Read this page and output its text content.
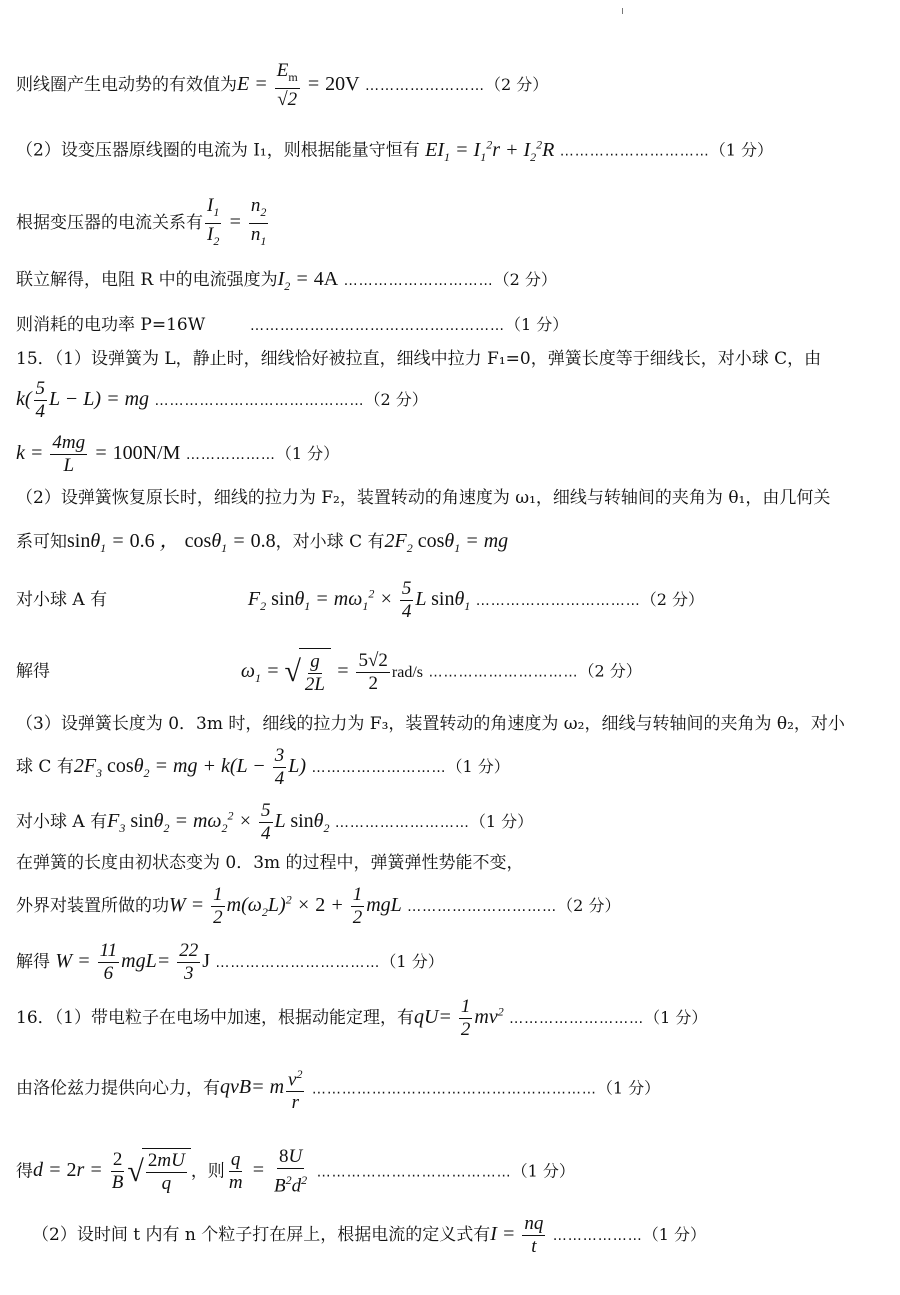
则线圈产生电动势的有效值为$E = \frac{E_m}{√2} = 20V$ ……………………（2 分）
（2）设变压器原线圈的电流为 I₁，则根据能量守恒有 $EI_1 = I_1^2r + I_2^2R$ …………………………（1 分）
根据变压器的电流关系有 $\frac{I_1}{I_2} = \frac{n_2}{n_1}$
联立解得，电阻 R 中的电流强度为$I_2 = 4A$ …………………………（2 分）
则消耗的电功率 P=16W	……………………………………………（1 分）
15．（1）设弹簧为 L，静止时，细线恰好被拉直，细线中拉力 F₁=0，弹簧长度等于细线长，对小球 C，由
$k( \frac{5}{4}$ L − L) = mg ……………………………………（2 分）
$k = \frac{4mg}{L} = 100N/M$ ………………（1 分）
（2）设弹簧恢复原长时，细线的拉力为 F₂，装置转动的角速度为 ω₁，细线与转轴间的夹角为 θ₁，由几何关
系可知sinθ$_1$ = 0.6 ， cosθ$_1$ = 0.8，对小球 C 有$2F_2$ cosθ$_1$ = mg
对小球 A 有	$F_2$ $\sin\theta_1 = m\omega_1^2 \times \frac{5}{4}$ L sinθ$_1$ ……………………………（2 分）
解得	$\omega_1$ = √ $\frac{g}{2L} = \frac{5√2}{2} rad/s$ …………………………（2 分）
（3）设弹簧长度为 0．3m 时，细线的拉力为 F₃，装置转动的角速度为 ω₂，细线与转轴间的夹角为 θ₂，对小
球 C 有$2F_3$ cosθ$_2$ = mg + $k(L - \frac{3}{4} L)$ ………………………（1 分）
对小球 A 有$F_3$ $\sin\theta_2 = m\omega_2^2 \times \frac{5}{4}$ L sinθ$_2$ ………………………（1 分）
在弹簧的长度由初状态变为 0．3m 的过程中，弹簧弹性势能不变，
外界对装置所做的功$W = \frac{1}{2} m(\omega_2L)^2 \times 2 + \frac{1}{2}$ mgL …………………………（2 分）
解得 $W = \frac{11}{6} mgL= \frac{22}{3}$ J ……………………………（1 分）
16．（1）带电粒子在电场中加速，根据动能定理，有$qU= \frac{1}{2} mv^2$ ………………………（1 分）
由洛伦兹力提供向心力，有qvB= m $\frac{v^2}{r}$ …………………………………………………（1 分）
得$d = 2r = \frac{2}{B}$ √ $\frac{2mU}{q}$ ，则 $\frac{q}{m} = \frac{8U}{B^2d^2}$ …………………………………（1 分）
（2）设时间 t 内有 n 个粒子打在屏上，根据电流的定义式有$I = \frac{nq}{t}$ ………………（1 分）
